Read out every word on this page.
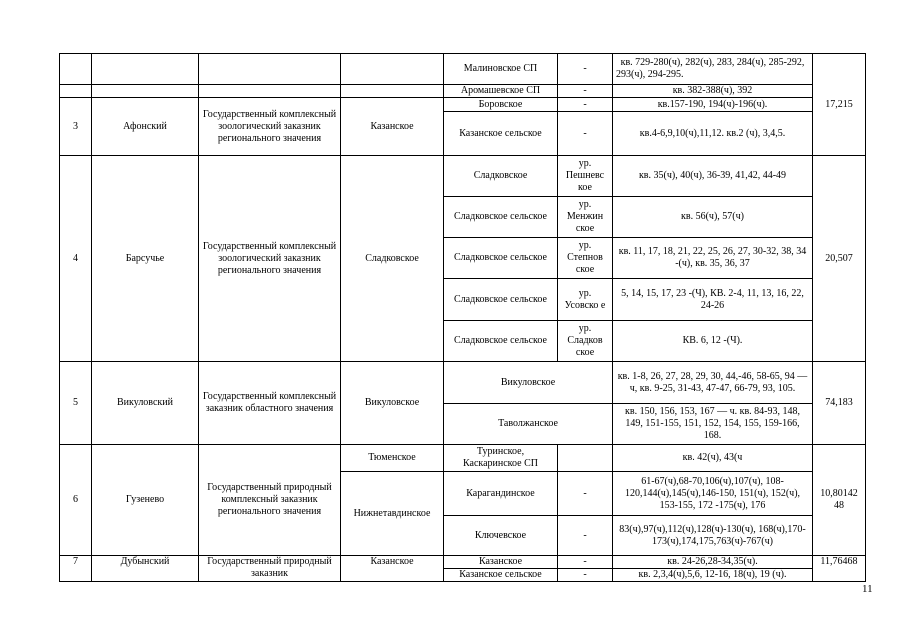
				Малиновское СП	-	кв. 729-280(ч), 282(ч), 283, 284(ч), 285-292, 293(ч), 294-295.	17,215
				Аромашевское СП	-	кв. 382-388(ч), 392	
3	Афонский	Государственный комплексный зоологический заказник регионального значения	Казанское	Боровское	-	кв.157-190, 194(ч)-196(ч).	
				Казанское сельское	-	кв.4-6,9,10(ч),11,12. кв.2 (ч), 3,4,5.	
4	Барсучье	Государственный комплексный зоологический заказник регионального значения	Сладковское	Сладковское	ур. Пешневс кое	кв. 35(ч), 40(ч), 36-39, 41,42, 44-49	20,507
				Сладковское сельское	ур. Менжин ское	кв. 56(ч), 57(ч)	
				Сладковское сельское	ур. Степнов ское	кв. 11, 17, 18, 21, 22, 25, 26, 27, 30-32, 38, 34 -(ч), кв. 35, 36, 37	
				Сладковское сельское	ур. Усовско е	5, 14, 15, 17, 23 -(Ч), КВ. 2-4, 11, 13, 16, 22, 24-26	
				Сладковское сельское	ур. Сладков ское	КВ. 6, 12 -(Ч).	
5	Викуловский	Государственный комплексный заказник областного значения	Викуловское	Викуловское		кв. 1-8, 26, 27, 28, 29, 30, 44,-46, 58-65, 94 — ч, кв. 9-25, 31-43, 47-47, 66-79, 93, 105.	74,183
				Таволжанское		кв. 150, 156, 153, 167 — ч. кв. 84-93, 148, 149, 151-155, 151, 152, 154, 155, 159-166, 168.	
6	Гузенево	Государственный природный комплексный заказник регионального значения	Тюменское	Туринское, Каскаринское СП		кв. 42(ч), 43(ч	10,80142 48
			Нижнетавдинское	Карагандинское	-	61-67(ч),68-70,106(ч),107(ч), 108-120,144(ч),145(ч),146-150, 151(ч), 152(ч), 153-155, 172 -175(ч), 176	
				Ключевское	-	83(ч),97(ч),112(ч),128(ч)-130(ч), 168(ч),170-173(ч),174,175,763(ч)-767(ч)	
7	Дубынский	Государственный природный заказник	Казанское	Казанское	-	кв. 24-26,28-34,35(ч).	11,76468
				Казанское сельское	-	кв. 2,3,4(ч),5,6, 12-16, 18(ч), 19 (ч).	
11
